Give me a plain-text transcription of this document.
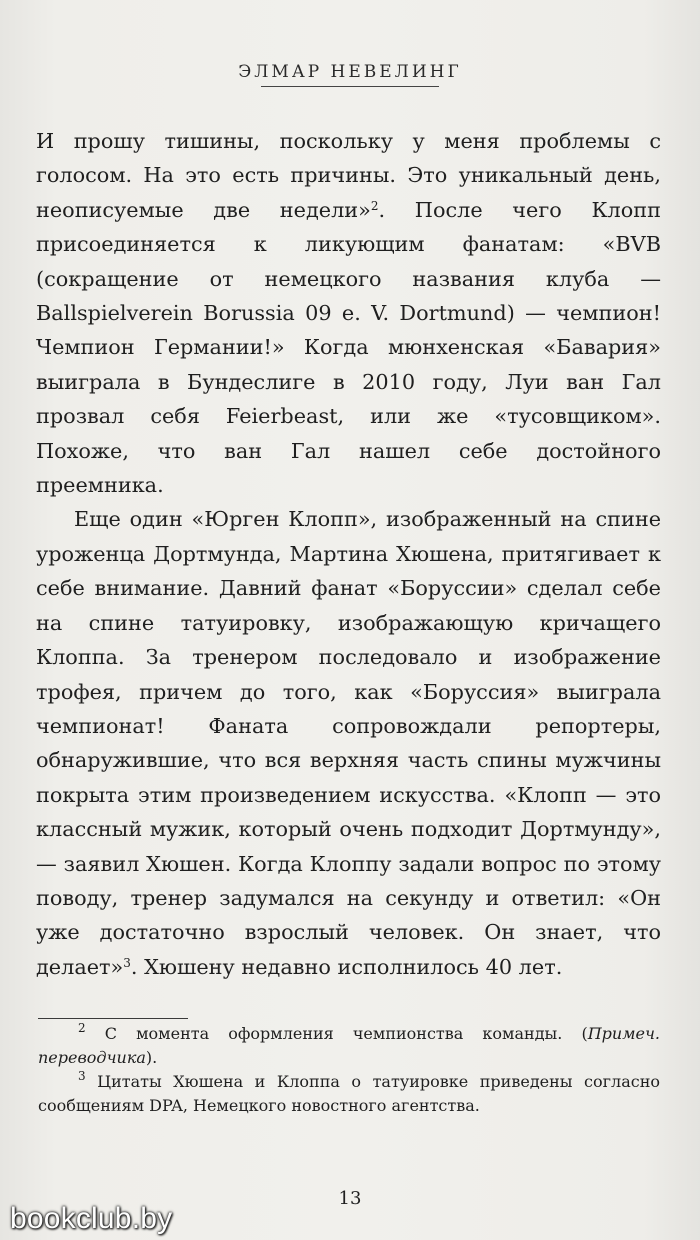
ЭЛМАР НЕВЕЛИНГ

И прошу тишины, поскольку у меня проблемы с голосом. На это есть причины. Это уникальный день, неописуемые две недели»$^2$. После чего Клопп присоединяется к ликующим фанатам: «BVB (сокращение от немецкого названия клуба — Ballspielverein Borussia 09 e. V. Dortmund) — чемпион! Чемпион Германии!» Когда мюнхенская «Бавария» выиграла в Бундеслиге в 2010 году, Луи ван Гал прозвал себя Feierbeast, или же «тусовщиком». Похоже, что ван Гал нашел себе достойного преемника.

Еще один «Юрген Клопп», изображенный на спине уроженца Дортмунда, Мартина Хюшена, притягивает к себе внимание. Давний фанат «Боруссии» сделал себе на спине татуировку, изображающую кричащего Клоппа. За тренером последовало и изображение трофея, причем до того, как «Боруссия» выиграла чемпионат! Фаната сопровождали репортеры, обнаружившие, что вся верхняя часть спины мужчины покрыта этим произведением искусства. «Клопп — это классный мужик, который очень подходит Дортмунду», — заявил Хюшен. Когда Клоппу задали вопрос по этому поводу, тренер задумался на секунду и ответил: «Он уже достаточно взрослый человек. Он знает, что делает»$^3$. Хюшену недавно исполнилось 40 лет.

$^2$ С момента оформления чемпионства команды. (Примеч. переводчика).

$^3$ Цитаты Хюшена и Клоппа о татуировке приведены согласно сообщениям DPA, Немецкого новостного агентства.

13
bookclub.by
